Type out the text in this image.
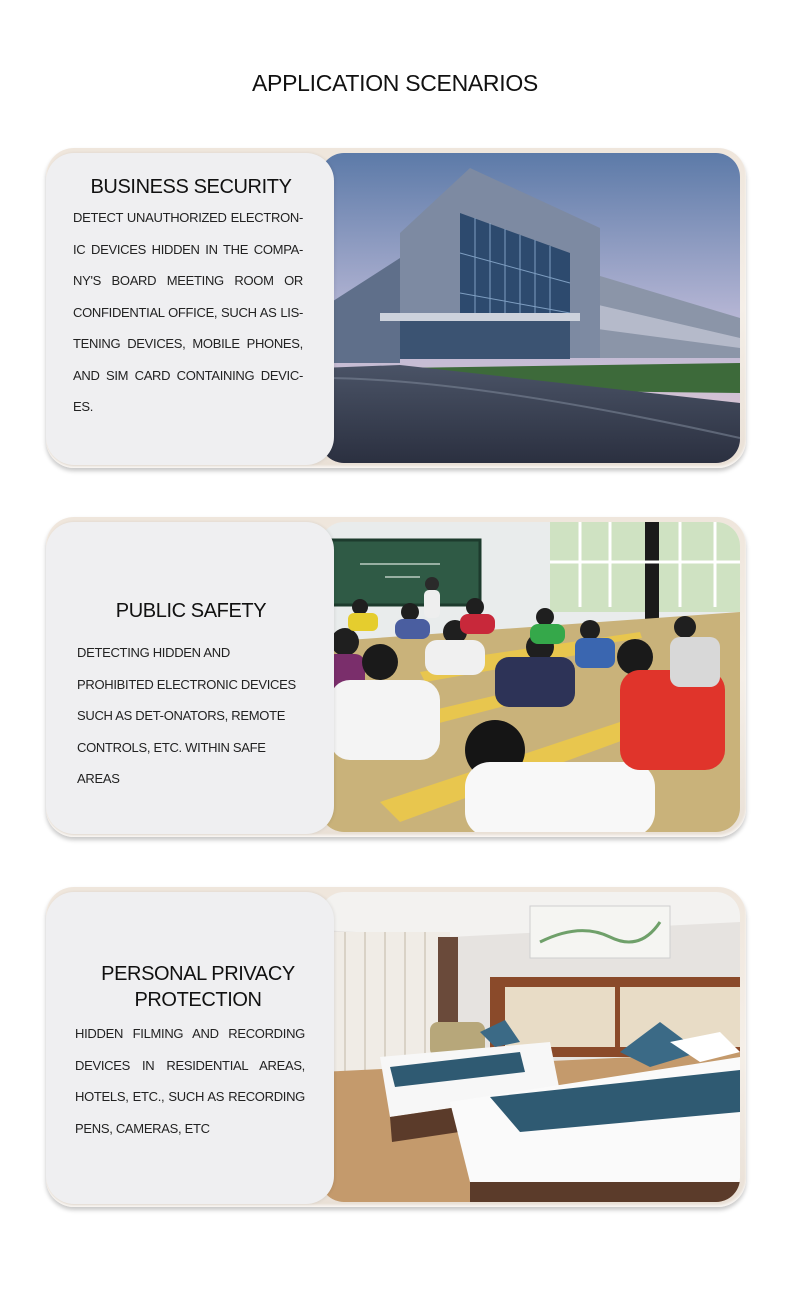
APPLICATION SCENARIOS
BUSINESS SECURITY

DETECT UNAUTHORIZED ELECTRON-IC DEVICES HIDDEN IN THE COMPA-NY'S BOARD MEETING ROOM OR CONFIDENTIAL OFFICE, SUCH AS LIS-TENING DEVICES, MOBILE PHONES, AND SIM CARD CONTAINING DEVIC-ES.

PUBLIC SAFETY

DETECTING HIDDEN AND PROHIBITED ELECTRONIC DEVICES SUCH AS DET-ONATORS, REMOTE CONTROLS, ETC. WITHIN SAFE AREAS

PERSONAL PRIVACY PROTECTION

HIDDEN FILMING AND RECORDING DEVICES IN RESIDENTIAL AREAS, HOTELS, ETC., SUCH AS RECORDING PENS, CAMERAS, ETC
